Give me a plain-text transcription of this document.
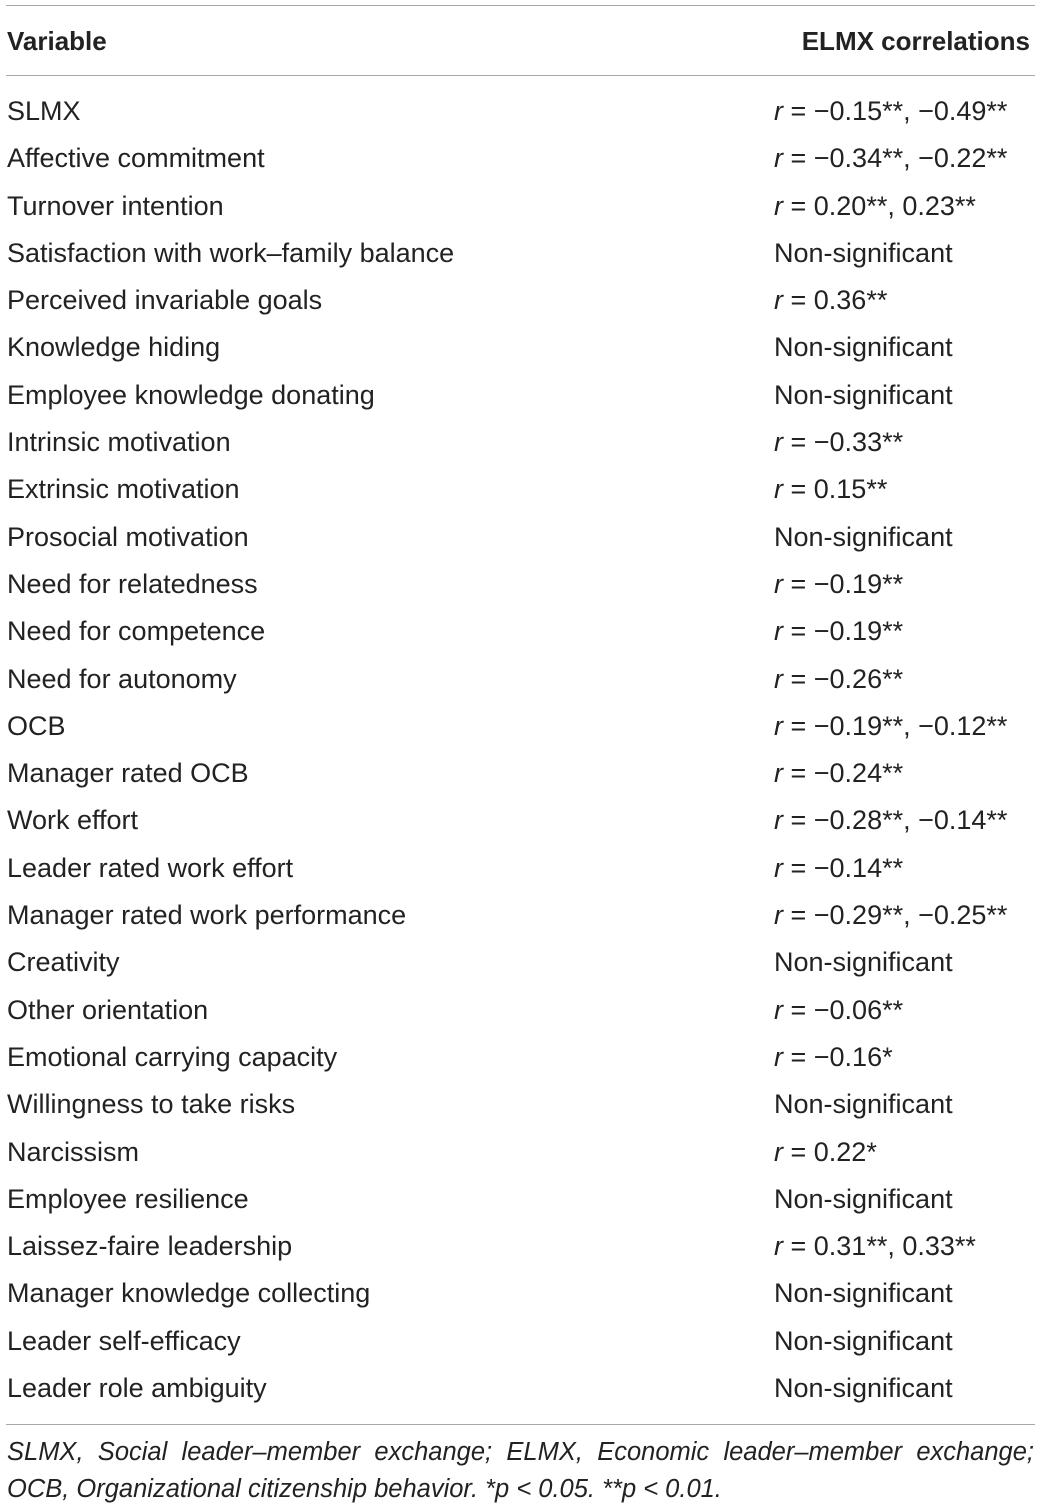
Variable	ELMX correlations
SLMX	r = −0.15**, −0.49**
Affective commitment	r = −0.34**, −0.22**
Turnover intention	r = 0.20**, 0.23**
Satisfaction with work–family balance	Non-significant
Perceived invariable goals	r = 0.36**
Knowledge hiding	Non-significant
Employee knowledge donating	Non-significant
Intrinsic motivation	r = −0.33**
Extrinsic motivation	r = 0.15**
Prosocial motivation	Non-significant
Need for relatedness	r = −0.19**
Need for competence	r = −0.19**
Need for autonomy	r = −0.26**
OCB	r = −0.19**, −0.12**
Manager rated OCB	r = −0.24**
Work effort	r = −0.28**, −0.14**
Leader rated work effort	r = −0.14**
Manager rated work performance	r = −0.29**, −0.25**
Creativity	Non-significant
Other orientation	r = −0.06**
Emotional carrying capacity	r = −0.16*
Willingness to take risks	Non-significant
Narcissism	r = 0.22*
Employee resilience	Non-significant
Laissez-faire leadership	r = 0.31**, 0.33**
Manager knowledge collecting	Non-significant
Leader self-efficacy	Non-significant
Leader role ambiguity	Non-significant
SLMX, Social leader–member exchange; ELMX, Economic leader–member exchange; OCB, Organizational citizenship behavior. *p < 0.05. **p < 0.01.
